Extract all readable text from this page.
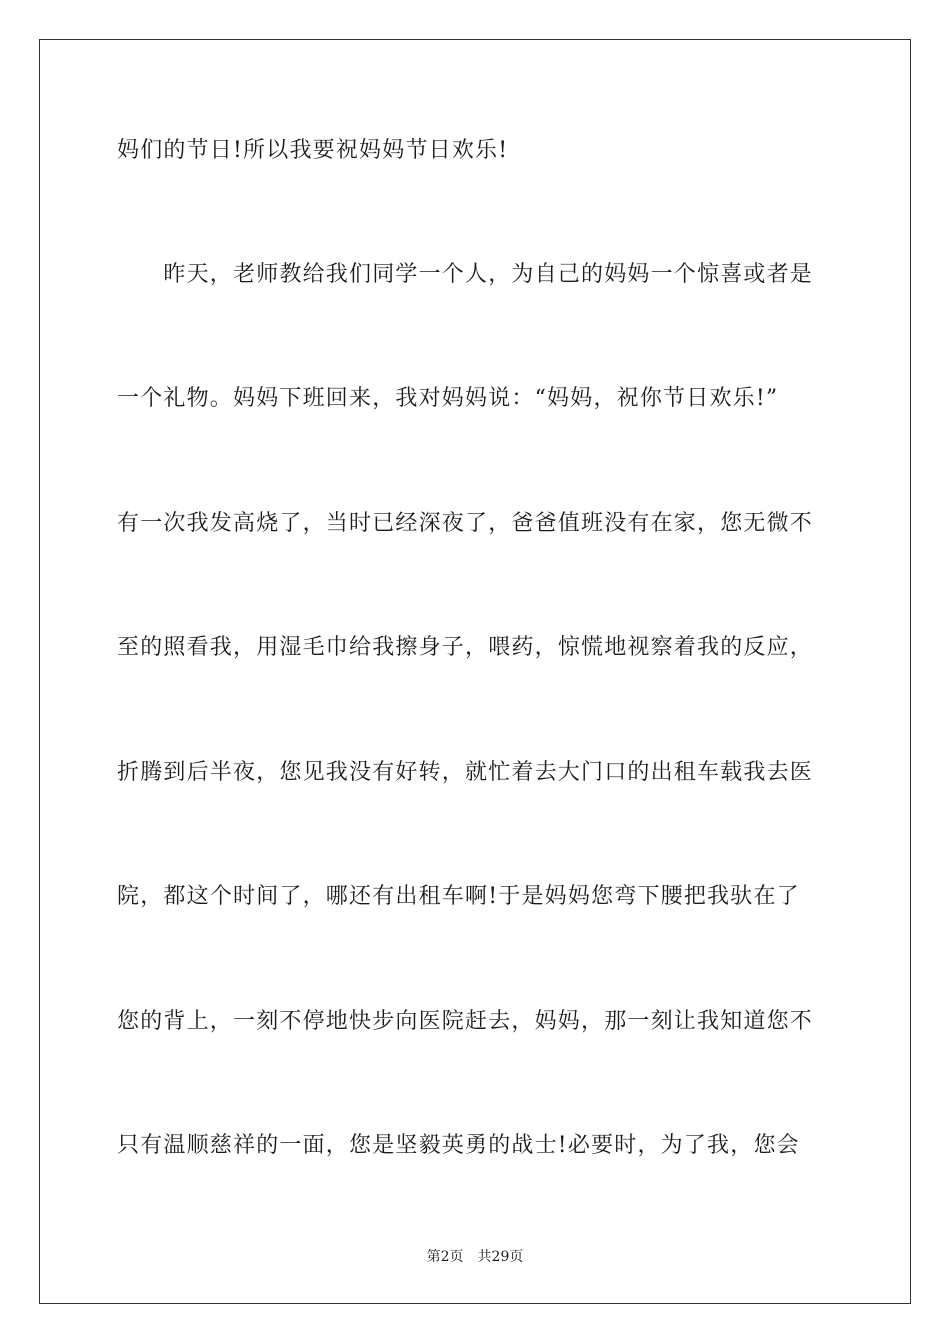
妈们的节日!所以我要祝妈妈节日欢乐!

　　昨天，老师教给我们同学一个人，为自己的妈妈一个惊喜或者是

一个礼物。妈妈下班回来，我对妈妈说：“妈妈，祝你节日欢乐!”

有一次我发高烧了，当时已经深夜了，爸爸值班没有在家，您无微不

至的照看我，用湿毛巾给我擦身子，喂药，惊慌地视察着我的反应，

折腾到后半夜，您见我没有好转，就忙着去大门口的出租车载我去医

院，都这个时间了，哪还有出租车啊!于是妈妈您弯下腰把我驮在了

您的背上，一刻不停地快步向医院赶去，妈妈，那一刻让我知道您不

只有温顺慈祥的一面，您是坚毅英勇的战士!必要时，为了我，您会

第2页　共29页
